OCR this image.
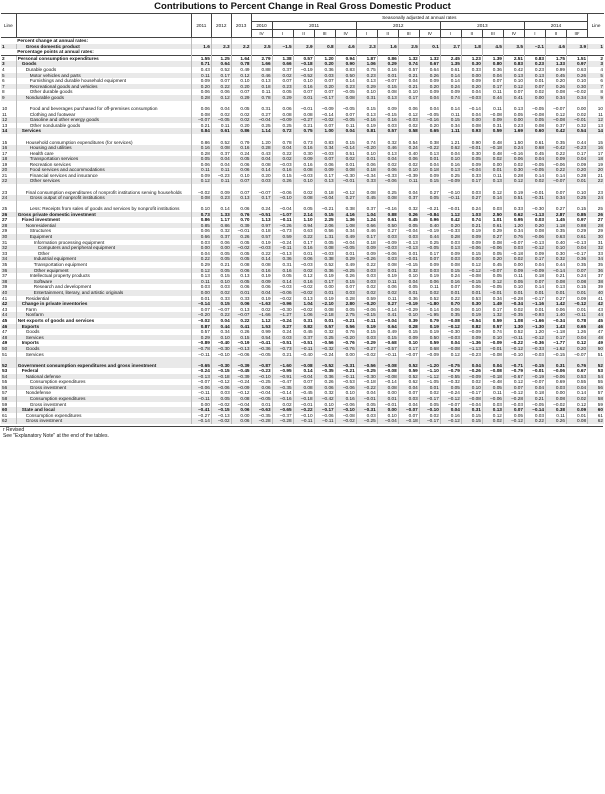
Contributions to Percent Change in Real Gross Domestic Product
Line		2011	2012	2013	Seasonally adjusted at annual rates																Line
					2010	2011				2012				2013				2014			
					IV	I	II	III	IV	I	II	III	IV	I	II	III	IV	I	II	IIIʳ	
	Percent change at annual rates:																				
1	Gross domestic product	1.6	2.3	2.2	2.5	–1.5	2.9	0.8	4.6	2.3	1.6	2.5	0.1	2.7	1.8	4.5	3.5	–2.1	4.6	3.9	1
	Percentage points at annual rates:																				
2	Personal consumption expenditures	1.55	1.25	1.64	2.79	1.38	0.57	1.20	0.94	1.87	0.86	1.32	1.32	2.45	1.23	1.39	2.51	0.83	1.75	1.51	2
3	Goods	0.71	0.64	0.78	1.66	0.66	–0.18	0.20	0.90	1.06	0.29	0.74	0.67	1.35	0.30	0.80	0.83	0.23	1.33	0.97	3
4	Durable goods	0.43	0.52	0.49	0.88	0.37	–0.19	0.36	0.83	0.75	0.16	0.57	0.64	0.61	0.33	0.36	0.42	0.23	0.99	0.63	4
5	Motor vehicles and parts	0.11	0.17	0.12	0.46	0.02	–0.52	0.03	0.50	0.23	0.01	0.21	0.26	0.14	0.00	0.04	0.13	0.13	0.45	0.26	5
6	Furnishings and durable household equipment	0.09	0.07	0.10	0.13	0.07	0.10	0.07	0.14	0.13	–0.07	0.04	0.09	0.14	0.09	0.07	0.10	0.01	0.20	0.10	6
7	Recreational goods and vehicles	0.20	0.22	0.20	0.18	0.23	0.16	0.20	0.23	0.29	0.15	0.21	0.20	0.24	0.20	0.17	0.12	0.07	0.26	0.30	7
8	Other durable goods	0.06	0.06	0.07	0.11	0.05	0.07	0.07	–0.05	0.10	0.08	0.10	0.09	0.09	0.04	0.11	0.07	0.02	0.08	–0.02	8
9	Nondurable goods	0.28	0.12	0.29	0.78	0.29	0.01	–0.17	0.08	0.31	0.13	0.17	0.04	0.74	–0.03	0.44	0.41	0.00	0.34	0.34	9
10	Food and beverages purchased for off-premises consumption	0.06	0.04	0.05	0.31	0.06	–0.01	–0.09	–0.05	0.15	0.09	0.06	0.04	0.14	–0.14	0.11	0.13	–0.05	–0.07	0.00	10
11	Clothing and footwear	0.08	0.02	0.02	0.27	0.08	0.08	–0.14	0.07	0.13	–0.15	0.12	–0.05	0.11	0.04	–0.08	0.05	–0.08	0.12	0.02	11
12	Gasoline and other energy goods	–0.07	–0.05	0.02	–0.04	–0.09	–0.27	–0.02	–0.05	–0.16	0.16	–0.03	–0.16	0.15	0.00	0.09	0.00	0.05	–0.08	–0.01	12
13	Other nondurable goods	0.21	0.11	0.20	0.25	0.25	0.21	0.07	0.11	0.19	0.03	0.02	0.20	0.34	0.08	0.31	0.23	0.08	0.37	0.32	13
14	Services	0.84	0.61	0.86	1.14	0.72	0.75	1.00	0.04	0.81	0.57	0.58	0.65	1.11	0.93	0.59	1.69	0.60	0.42	0.54	14
15	Household consumption expenditures (for services)	0.86	0.52	0.79	1.20	0.78	0.73	0.83	0.15	0.74	0.32	0.54	0.38	1.21	0.90	0.48	1.50	0.61	0.35	0.44	15
16	Housing and utilities	0.16	0.08	0.16	0.28	0.04	0.16	0.34	–0.14	–0.20	0.46	0.24	–0.22	0.62	–0.01	–0.18	0.24	0.68	–0.42	–0.23	16
17	Health care	0.28	0.37	0.24	0.43	0.22	0.30	–0.03	0.51	0.10	0.13	0.40	0.13	0.04	0.30	0.48	–0.16	0.45	0.22	0.17	17
18	Transportation services	0.05	0.04	0.05	0.04	0.02	0.09	0.07	0.02	0.01	0.04	0.06	0.01	0.10	0.05	0.02	0.06	0.04	0.09	0.04	18
19	Recreation services	0.06	0.04	0.06	0.08	–0.03	0.16	0.06	0.01	0.06	0.02	0.02	0.04	0.16	0.09	0.00	0.02	–0.05	–0.06	0.09	19
20	Food services and accommodations	0.11	0.11	0.06	0.14	0.16	0.08	0.09	0.08	0.18	0.06	0.10	0.18	0.13	–0.04	0.01	0.30	–0.05	0.22	0.20	20
21	Financial services and insurance	0.09	–0.23	0.10	0.20	0.15	–0.03	0.17	–0.30	–0.34	–0.33	–0.39	0.09	0.25	0.33	0.11	0.28	0.14	0.14	0.28	21
22	Other services	0.12	0.11	0.07	0.03	0.26	0.10	0.13	–0.01	0.33	–0.06	0.11	0.15	–0.09	0.17	0.13	0.12	0.02	–0.07	0.01	22
23	Final consumption expenditures of nonprofit institutions serving households	–0.02	0.09	0.07	–0.07	–0.06	0.02	0.18	–0.12	0.08	0.25	0.04	0.27	–0.10	0.03	0.12	0.19	–0.01	0.07	0.10	23
24	Gross output of nonprofit institutions	0.08	0.23	0.13	0.17	–0.10	0.08	–0.04	0.27	0.45	0.08	0.37	0.05	–0.11	0.27	0.14	0.51	–0.31	0.34	0.25	24
25	Less: Receipts from sales of goods and services by nonprofit institutions	0.10	0.14	0.06	0.24	–0.04	0.05	–0.21	0.38	0.37	–0.16	0.32	–0.21	–0.01	0.24	0.03	0.33	–0.30	0.27	0.15	25
26	Gross private domestic investment	0.73	1.33	0.76	–0.51	–1.07	2.14	0.15	4.16	1.04	0.88	0.26	–0.84	1.12	1.03	2.50	0.62	–1.13	2.87	0.85	26
27	Fixed investment	0.86	1.17	0.70	1.13	–0.11	1.10	2.25	1.36	1.24	0.61	0.45	0.96	0.42	0.74	1.01	0.95	0.03	1.45	0.97	27
28	Nonresidential	0.85	0.86	0.39	0.97	–0.26	0.94	2.06	1.08	0.66	0.50	0.05	0.40	0.20	0.21	0.61	1.20	0.20	1.18	0.88	28
29	Structures	0.06	0.32	–0.01	0.18	–0.73	0.63	0.56	0.34	0.46	0.27	–0.04	–0.19	–0.33	0.19	0.29	0.34	0.08	0.35	0.29	29
30	Equipment	0.66	0.37	0.26	0.57	0.59	0.22	1.31	0.49	0.17	0.03	0.03	0.44	0.28	0.09	0.27	0.76	–0.06	0.63	0.61	30
31	Information processing equipment	0.03	0.06	0.05	0.19	–0.24	0.17	0.05	–0.04	0.18	–0.09	–0.13	0.25	0.03	0.09	0.08	–0.07	–0.13	0.40	–0.13	31
32	Computers and peripheral equipment	0.00	0.00	–0.02	–0.03	–0.11	0.16	0.08	–0.05	0.09	–0.03	–0.13	–0.05	0.13	–0.06	–0.06	0.03	–0.12	0.10	0.04	32
33	Other	0.04	0.05	0.05	0.22	–0.13	0.01	–0.03	0.01	0.09	–0.06	0.01	0.17	0.09	0.15	0.05	–0.18	0.09	0.30	–0.17	33
34	Industrial equipment	0.22	0.05	0.05	0.14	0.36	0.06	0.38	0.29	–0.26	0.03	–0.01	0.07	0.03	0.00	0.20	0.02	0.17	0.32	0.36	34
35	Transportation equipment	0.29	0.21	0.08	0.08	0.31	–0.03	0.52	0.49	0.22	0.08	–0.15	0.09	0.08	0.12	0.45	0.00	0.04	0.44	0.35	35
36	Other equipment	0.12	0.05	0.06	0.16	0.16	0.02	0.36	–0.25	0.03	0.01	0.32	0.03	0.15	–0.12	–0.07	0.09	–0.09	–0.14	0.07	36
37	Intellectual property products	0.13	0.15	0.13	0.19	0.05	0.12	0.19	0.26	0.03	0.19	0.10	0.19	0.24	–0.08	0.05	0.11	0.18	0.21	0.24	37
38	Software	0.11	0.10	0.05	0.09	0.14	0.16	0.17	0.15	0.03	0.11	0.04	0.06	0.16	–0.15	0.12	0.05	0.07	0.08	0.08	38
39	Research and development	0.03	0.03	0.06	0.06	–0.03	–0.02	0.00	0.07	0.02	0.06	0.05	0.11	0.07	0.06	–0.05	0.10	0.14	0.13	0.15	39
40	Entertainment, literary, and artistic originals	0.00	0.02	0.01	0.04	–0.06	–0.02	0.01	0.03	0.02	0.02	0.01	0.02	0.01	0.01	–0.01	0.01	0.01	0.01	0.01	40
41	Residential	0.01	0.33	0.33	0.19	–0.02	0.13	0.19	0.28	0.59	0.11	0.36	0.52	0.22	0.53	0.34	–0.28	–0.17	0.27	0.09	41
42	Change in private inventories	–0.14	0.15	0.06	–1.63	–0.96	1.04	–2.10	2.80	–0.20	0.27	–0.19	–1.80	0.70	0.30	1.49	–0.34	–1.16	1.42	–0.12	42
43	Farm	0.07	–0.07	0.13	0.02	–0.30	–0.02	0.08	0.05	–0.06	–0.14	–0.29	0.14	0.06	0.10	0.17	0.02	0.01	0.06	0.01	43
44	Nonfarm	–0.20	0.22	–0.07	–1.66	–1.27	1.06	–2.18	2.75	–0.15	0.41	0.10	–1.95	0.35	0.19	1.32	–0.35	–0.93	1.40	–0.11	44
45	Net exports of goods and services	–0.02	0.04	0.22	1.12	–0.24	0.31	0.01	–0.21	–0.11	–0.04	0.39	0.79	–0.08	–0.54	0.59	1.08	–1.66	–0.34	0.78	45
46	Exports	0.87	0.44	0.41	1.53	0.27	0.82	0.57	0.56	0.19	0.64	0.28	0.19	–0.12	0.82	0.57	1.30	–1.30	1.43	0.65	46
47	Goods	0.57	0.34	0.26	0.99	0.24	0.45	0.32	0.76	0.15	0.49	0.15	0.19	–0.30	–0.09	0.74	0.52	1.20	–1.18	1.26	47
48	Services	0.29	0.10	0.15	0.54	0.03	0.37	0.25	–0.20	0.03	0.15	0.09	0.50	–0.03	0.09	0.10	–0.11	–0.12	0.17	0.04	48
49	Imports	–0.89	–0.40	–0.19	–0.41	–0.51	–0.51	–0.56	–0.76	–0.29	–0.68	0.10	0.59	0.04	–1.36	–0.09	–0.22	–0.36	–1.77	0.12	49
50	Goods	–0.78	–0.30	–0.13	–0.36	–0.73	–0.11	–0.32	–0.76	–0.27	–0.57	0.17	0.68	–0.08	–1.13	–0.01	–0.12	–0.33	–1.62	0.20	50
51	Services	–0.11	–0.10	–0.06	–0.05	0.21	–0.40	–0.24	0.00	–0.02	–0.11	–0.07	–0.09	0.12	–0.23	–0.08	–0.10	–0.03	–0.15	–0.07	51
52	Government consumption expenditures and gross investment	–0.65	–0.30	–0.39	–0.87	–1.60	–0.08	–0.52	–0.31	–0.56	–0.08	0.52	–1.20	–0.75	0.04	0.04	–0.71	–0.15	0.31	0.76	52
53	Federal	–0.24	–0.15	–0.45	–0.23	–0.95	0.14	–0.35	–0.21	–0.25	–0.08	0.59	–1.10	–0.79	–0.26	–0.08	–0.79	–0.01	–0.06	0.67	53
54	National defense	–0.13	–0.18	–0.39	–0.10	–0.91	–0.04	0.36	–0.11	–0.30	–0.08	0.52	–1.12	–0.55	–0.09	–0.18	–0.67	–0.19	–0.06	0.53	54
55	Consumption expenditures	–0.07	–0.12	–0.24	–0.25	–0.47	0.07	0.26	–0.53	–0.18	–0.14	0.62	–1.05	–0.32	0.02	–0.48	0.12	–0.07	0.69	0.55	55
56	Gross investment	–0.06	–0.06	–0.09	0.06	–0.35	0.08	0.06	–0.06	–0.22	0.08	0.04	0.01	0.05	0.10	0.05	0.07	0.04	0.03	0.04	56
57	Nondefense	–0.11	0.03	–0.12	–0.04	–0.14	–0.45	0.32	0.10	0.04	0.00	0.07	0.02	–0.24	–0.17	0.11	–0.12	0.18	0.00	0.14	57
58	Consumption expenditures	–0.11	0.05	0.08	–0.05	–0.16	–0.18	–0.42	0.16	–0.01	0.01	0.03	–0.17	–0.12	–0.08	–0.06	–0.28	0.21	0.08	0.02	58
59	Gross investment	0.00	–0.02	–0.04	0.01	0.02	–0.01	0.10	–0.06	0.05	–0.01	0.04	0.05	–0.07	–0.04	0.03	–0.03	–0.05	–0.02	0.12	59
60	State and local	–0.41	–0.15	0.06	–0.63	–0.65	–0.22	–0.17	–0.10	–0.31	0.00	–0.07	–0.10	0.04	0.31	0.13	0.07	–0.14	0.38	0.09	60
61	Consumption expenditures	–0.27	–0.13	0.00	–0.35	–0.37	–0.10	–0.06	–0.08	0.03	0.10	0.07	0.02	0.16	0.15	0.12	0.05	0.03	0.11	0.01	61
62	Gross investment	–0.14	–0.02	0.06	–0.28	–0.28	–0.11	–0.11	–0.02	–0.25	–0.04	–0.18	–0.17	–0.12	0.15	0.02	–0.12	0.22	0.26	0.08	62
r Revised
See "Explanatory Note" at the end of the tables.
